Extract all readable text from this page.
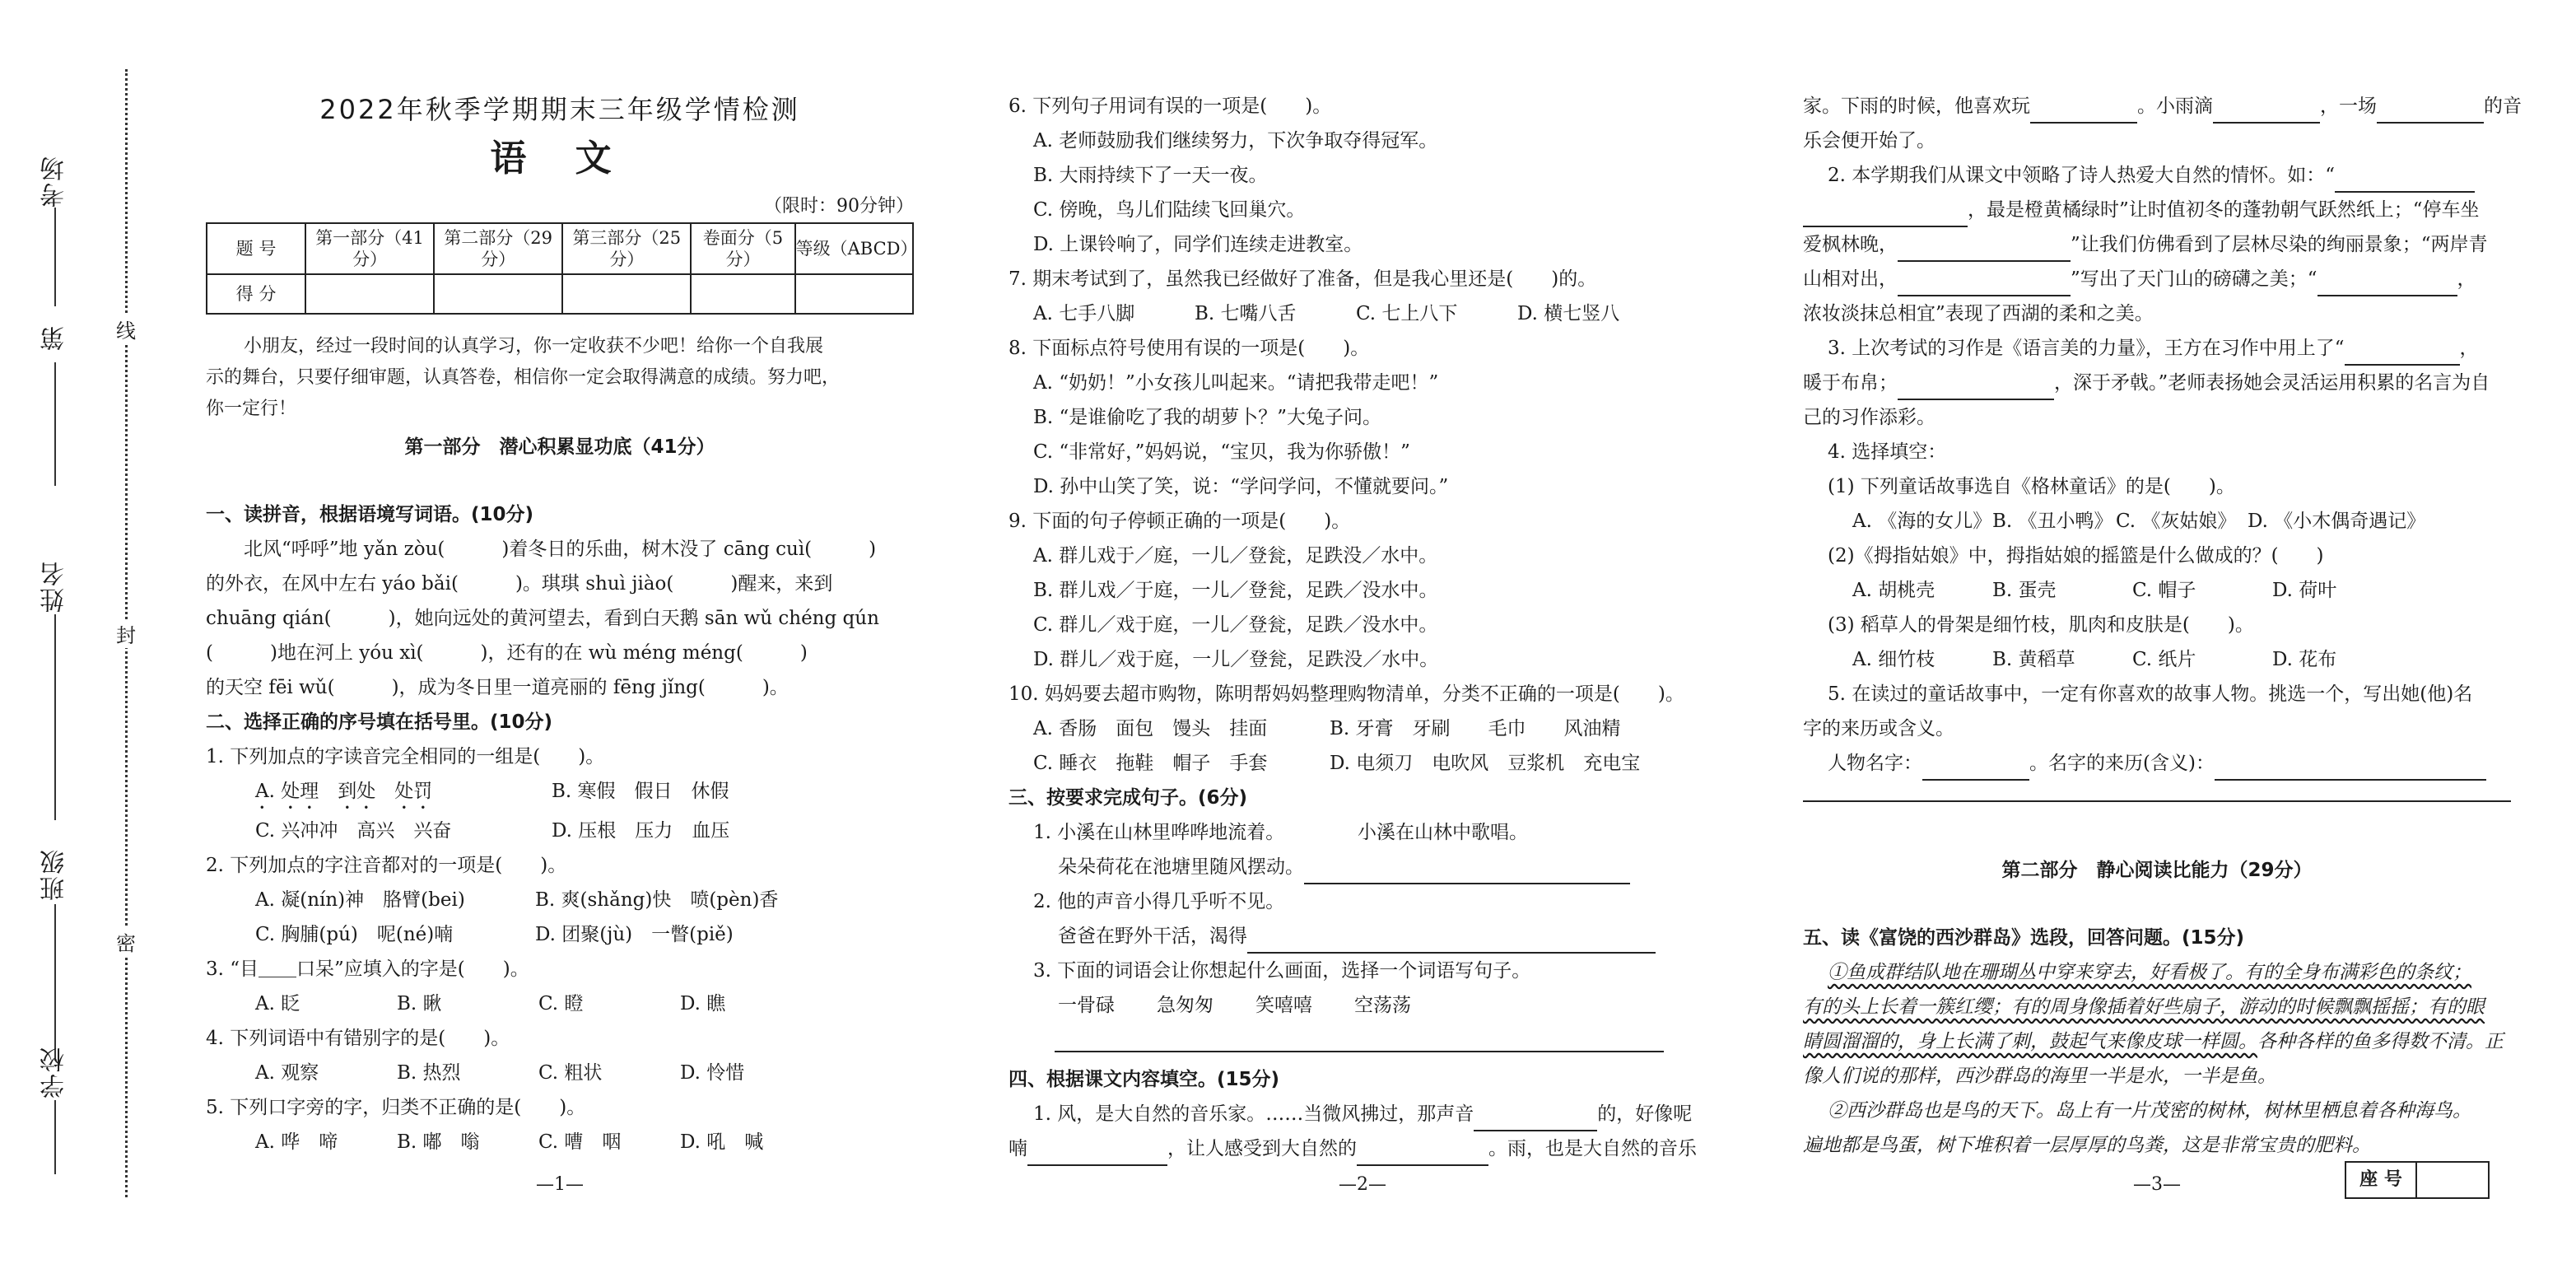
考场
第
姓名
班级
学校
线
封
密
2022年秋季学期期末三年级学情检测
语 文
（限时：90分钟）
题 号	第一部分（41分）	第二部分（29分）	第三部分（25分）	卷面分（5分）	等级（ABCD）
得 分					

小朋友，经过一段时间的认真学习，你一定收获不少吧！给你一个自我展

示的舞台，只要仔细审题，认真答卷，相信你一定会取得满意的成绩。努力吧，

你一定行！

第一部分　潜心积累显功底（41分）

一、读拼音，根据语境写词语。(10分)

北风“呼呼”地 yǎn zòu(　　　)着冬日的乐曲，树木没了 cāng cuì(　　　)

的外衣，在风中左右 yáo bǎi(　　　)。琪琪 shuì jiào(　　　)醒来，来到

chuāng qián(　　　)，她向远处的黄河望去，看到白天鹅 sān wǔ chéng qún

(　　　)地在河上 yóu xì(　　　)，还有的在 wù méng méng(　　　)

的天空 fēi wǔ(　　　)，成为冬日里一道亮丽的 fēng jǐng(　　　)。

二、选择正确的序号填在括号里。(10分)

1. 下列加点的字读音完全相同的一组是(　　)。

A. 处理　到处　处罚	B. 寒假　假日　休假
C. 兴冲冲　高兴　兴奋	D. 压根　压力　血压

2. 下列加点的字注音都对的一项是(　　)。

A. 凝(nín)神　胳臂(bei)	B. 爽(shǎng)快　喷(pèn)香
C. 胸脯(pú)　呢(né)喃	D. 团聚(jù)　一瞥(piě)

3. “目＿＿口呆”应填入的字是(　　)。

A. 眨	B. 瞅	C. 瞪	D. 瞧

4. 下列词语中有错别字的是(　　)。

A. 观察	B. 热烈	C. 粗状	D. 怜惜

5. 下列口字旁的字，归类不正确的是(　　)。

A. 哗　啼	B. 嘟　嗡	C. 嘈　咽	D. 吼　喊
—1—

6. 下列句子用词有误的一项是(　　)。

A. 老师鼓励我们继续努力，下次争取夺得冠军。

B. 大雨持续下了一天一夜。

C. 傍晚，鸟儿们陆续飞回巢穴。

D. 上课铃响了，同学们连续走进教室。

7. 期末考试到了，虽然我已经做好了准备，但是我心里还是(　　)的。

A. 七手八脚	B. 七嘴八舌	C. 七上八下	D. 横七竖八

8. 下面标点符号使用有误的一项是(　　)。

A. “奶奶！”小女孩儿叫起来。“请把我带走吧！”

B. “是谁偷吃了我的胡萝卜？”大兔子问。

C. “非常好，”妈妈说，“宝贝，我为你骄傲！”

D. 孙中山笑了笑，说：“学问学问，不懂就要问。”

9. 下面的句子停顿正确的一项是(　　)。

A. 群儿戏于／庭，一儿／登瓮，足跌没／水中。

B. 群儿戏／于庭，一儿／登瓮，足跌／没水中。

C. 群儿／戏于庭，一儿／登瓮，足跌／没水中。

D. 群儿／戏于庭，一儿／登瓮，足跌没／水中。

10. 妈妈要去超市购物，陈明帮妈妈整理购物清单，分类不正确的一项是(　　)。

A. 香肠　面包　馒头　挂面	B. 牙膏　牙刷　　毛巾　　风油精
C. 睡衣　拖鞋　帽子　手套	D. 电须刀　电吹风　豆浆机　充电宝

三、按要求完成句子。(6分)

1. 小溪在山林里哗哗地流着。	小溪在山林中歌唱。

朵朵荷花在池塘里随风摆动。

2. 他的声音小得几乎听不见。

爸爸在野外干活，渴得

3. 下面的词语会让你想起什么画面，选择一个词语写句子。

一骨碌	急匆匆	笑嘻嘻	空荡荡

四、根据课文内容填空。(15分)

1. 风，是大自然的音乐家。……当微风拂过，那声音	的，好像呢

喃	，让人感受到大自然的	。雨，也是大自然的音乐

—2—

家。下雨的时候，他喜欢玩	。小雨滴	，一场	的音

乐会便开始了。

2. 本学期我们从课文中领略了诗人热爱大自然的情怀。如：“

，最是橙黄橘绿时”让时值初冬的蓬勃朝气跃然纸上；“停车坐

爱枫林晚，	”让我们仿佛看到了层林尽染的绚丽景象；“两岸青

山相对出，	”写出了天门山的磅礴之美；“	，

浓妆淡抹总相宜”表现了西湖的柔和之美。

3. 上次考试的习作是《语言美的力量》，王方在习作中用上了“	，

暖于布帛；	，深于矛戟。”老师表扬她会灵活运用积累的名言为自

己的习作添彩。

4. 选择填空：

(1) 下列童话故事选自《格林童话》的是(　　)。

A. 《海的女儿》 B. 《丑小鸭》 C. 《灰姑娘》 D. 《小木偶奇遇记》

(2)《拇指姑娘》中，拇指姑娘的摇篮是什么做成的？(　　)

A. 胡桃壳	B. 蛋壳	C. 帽子	D. 荷叶

(3) 稻草人的骨架是细竹枝，肌肉和皮肤是(　　)。

A. 细竹枝	B. 黄稻草	C. 纸片	D. 花布

5. 在读过的童话故事中，一定有你喜欢的故事人物。挑选一个，写出她(他)名

字的来历或含义。

人物名字：	。名字的来历(含义)：

第二部分　静心阅读比能力（29分）

五、读《富饶的西沙群岛》选段，回答问题。(15分)

①鱼成群结队地在珊瑚丛中穿来穿去，好看极了。有的全身布满彩色的条纹；

有的头上长着一簇红缨；有的周身像插着好些扇子，游动的时候飘飘摇摇；有的眼

睛圆溜溜的，身上长满了刺，鼓起气来像皮球一样圆。各种各样的鱼多得数不清。正

像人们说的那样，西沙群岛的海里一半是水，一半是鱼。

②西沙群岛也是鸟的天下。岛上有一片茂密的树林，树林里栖息着各种海鸟。

遍地都是鸟蛋，树下堆积着一层厚厚的鸟粪，这是非常宝贵的肥料。

—3—	座 号
